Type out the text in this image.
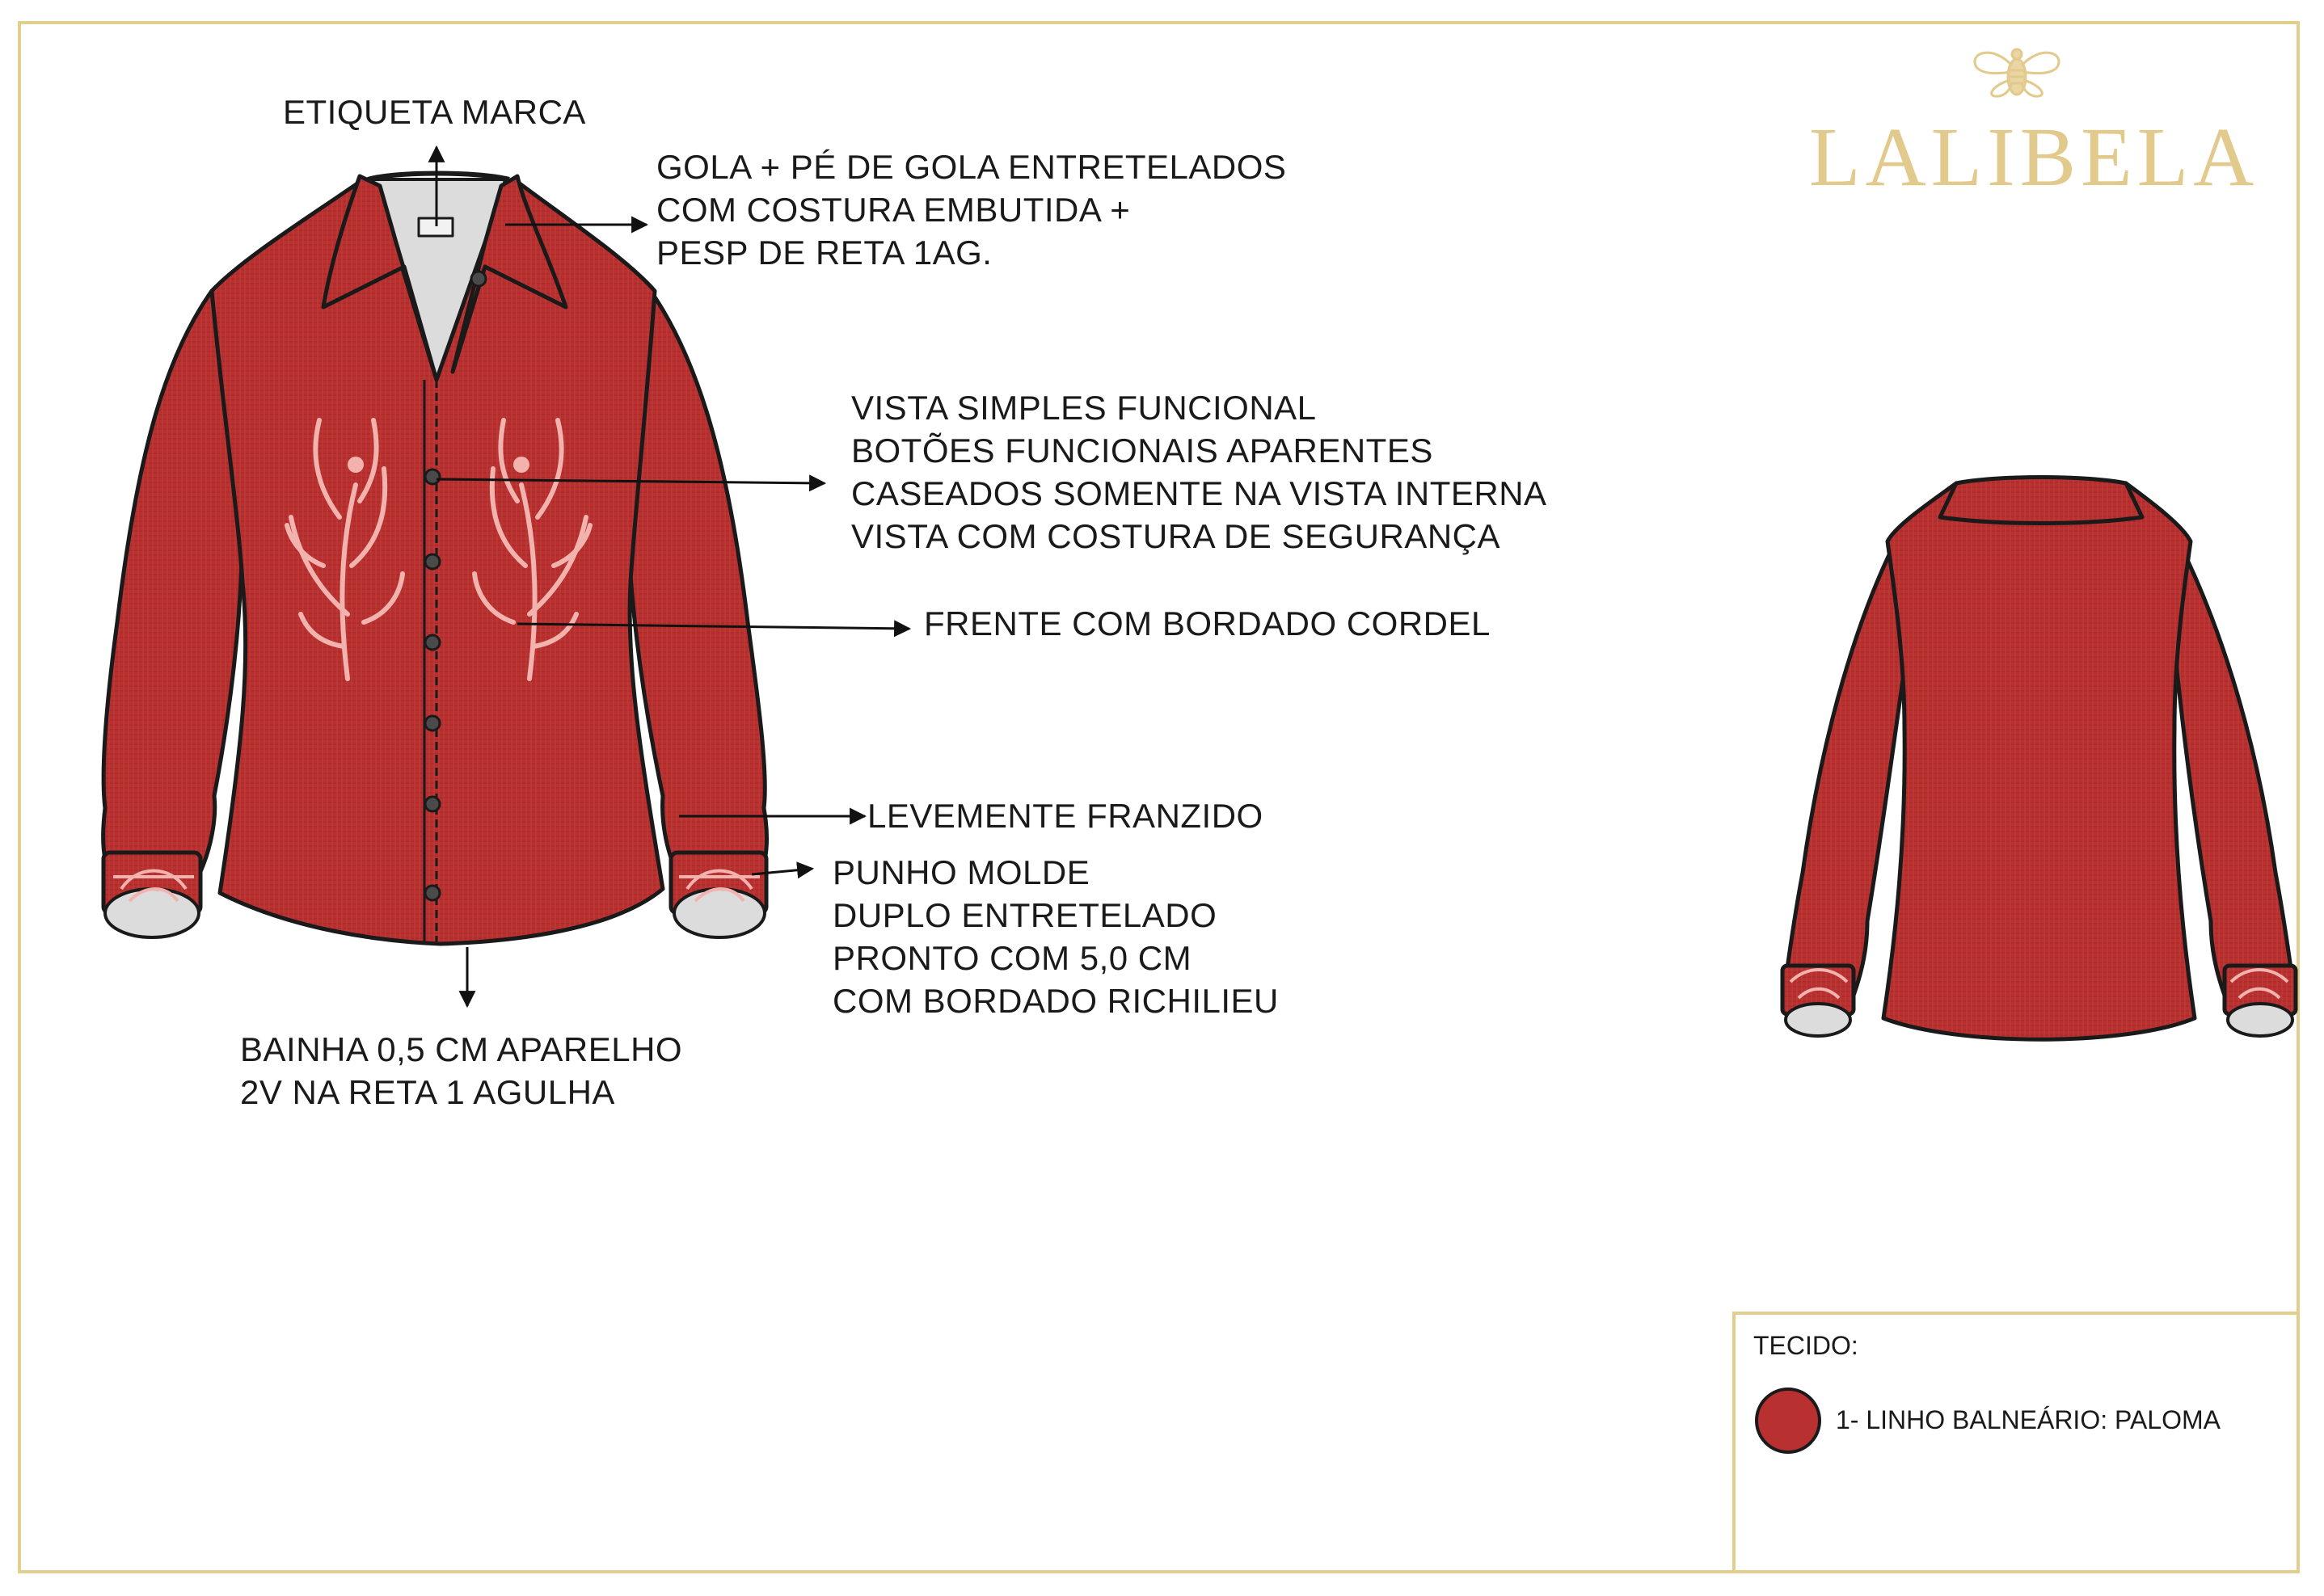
LALIBELA
ETIQUETA MARCA
GOLA + PÉ DE GOLA ENTRETELADOS
COM COSTURA EMBUTIDA +
PESP DE RETA 1AG.
VISTA SIMPLES FUNCIONAL
BOTÕES FUNCIONAIS APARENTES
CASEADOS SOMENTE NA VISTA INTERNA
VISTA COM COSTURA DE SEGURANÇA
FRENTE COM BORDADO CORDEL
LEVEMENTE FRANZIDO
PUNHO MOLDE
DUPLO ENTRETELADO
PRONTO COM 5,0 CM
COM BORDADO RICHILIEU
BAINHA 0,5 CM APARELHO
2V NA RETA 1 AGULHA
TECIDO:
1- LINHO BALNEÁRIO: PALOMA
